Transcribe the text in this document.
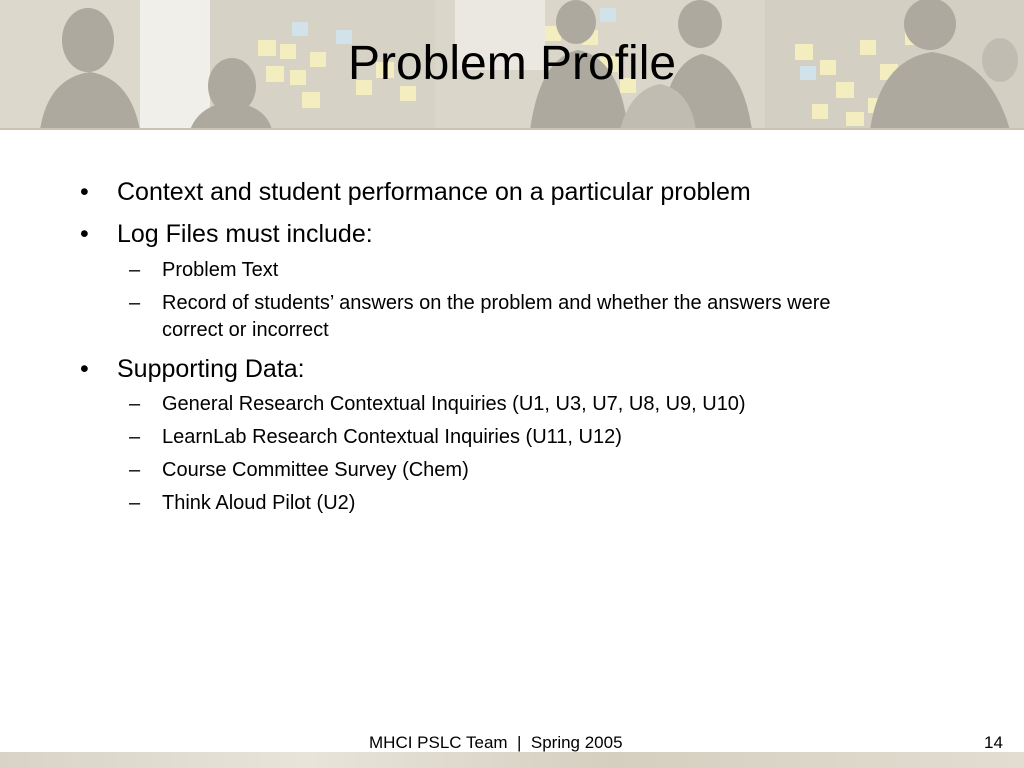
Problem Profile
• Context and student performance on a particular problem
• Log Files must include:
– Problem Text
– Record of students’ answers on the problem and whether the answers were
correct or incorrect
• Supporting Data:
– General Research Contextual Inquiries (U1, U3, U7, U8, U9, U10)
– LearnLab Research Contextual Inquiries (U11, U12)
– Course Committee Survey (Chem)
– Think Aloud Pilot (U2)
MHCI PSLC Team  |  Spring 2005	14
